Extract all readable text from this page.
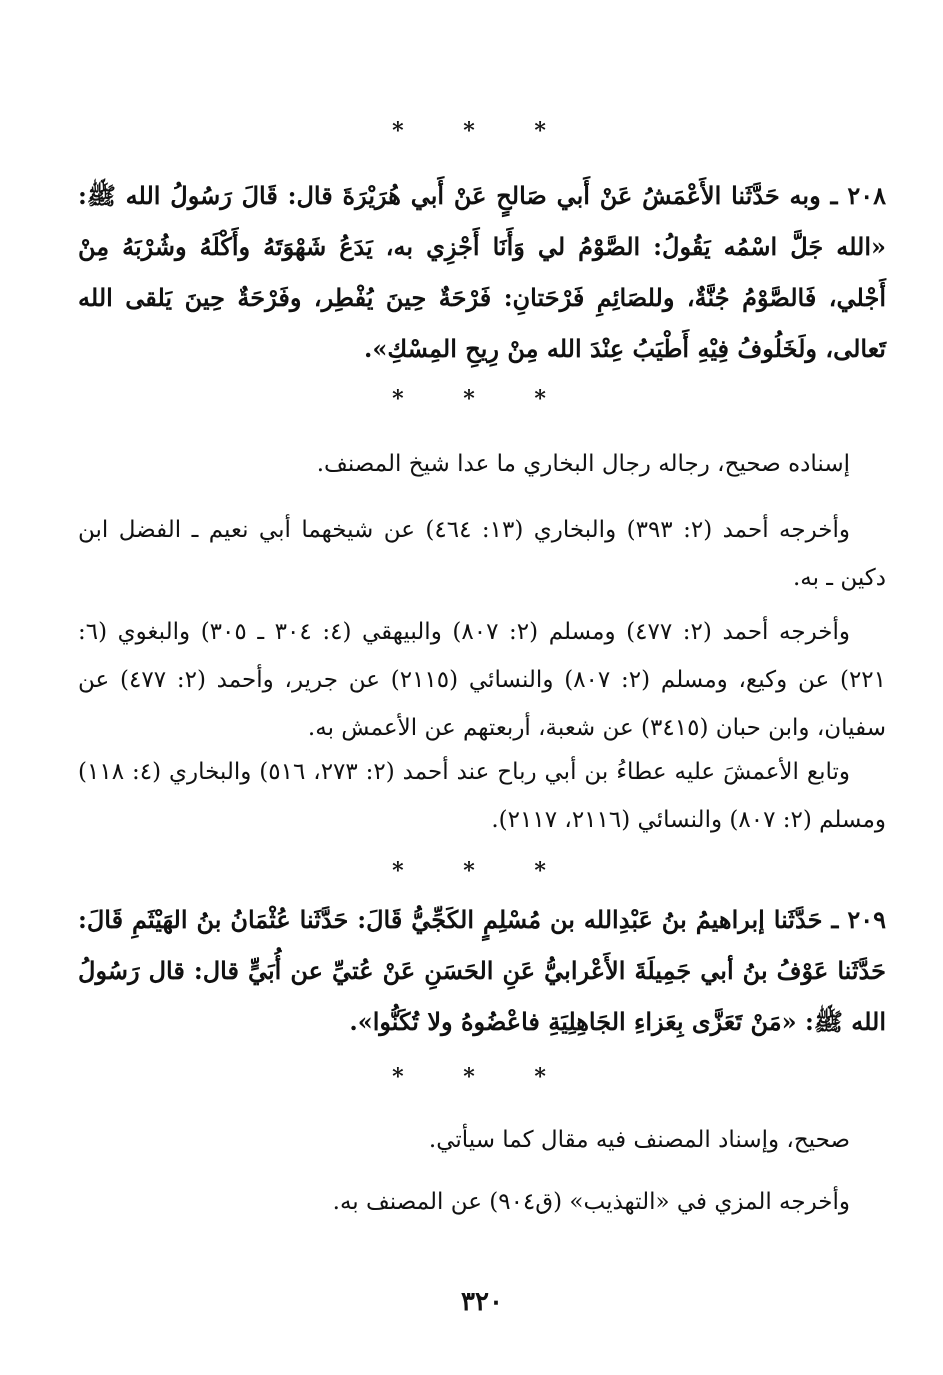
* * *

٢٠٨ ـ وبه حَدَّثَنا الأَعْمَشُ عَنْ أَبي صَالحٍ عَنْ أَبي هُرَيْرَةَ قال: قَالَ رَسُولُ الله ﷺ: «الله جَلَّ اسْمُه يَقُولُ: الصَّوْمُ لي وَأَنَا أَجْزِي به، يَدَعُ شَهْوَتَهُ وأَكْلَهُ وشُرْبَهُ مِنْ أَجْلي، فَالصَّوْمُ جُنَّةٌ، وللصَائِمِ فَرْحَتانِ: فَرْحَةٌ حِينَ يُفْطِر، وفَرْحَةٌ حِينَ يَلقى الله تَعالى، ولَخَلُوفُ فِيْهِ أَطْيَبُ عِنْدَ الله مِنْ رِيحِ المِسْكِ».

* * *

إسناده صحيح، رجاله رجال البخاري ما عدا شيخ المصنف.

وأخرجه أحمد (٢: ٣٩٣) والبخاري (١٣: ٤٦٤) عن شيخهما أبي نعيم ـ الفضل ابن دكين ـ به.

وأخرجه أحمد (٢: ٤٧٧) ومسلم (٢: ٨٠٧) والبيهقي (٤: ٣٠٤ ـ ٣٠٥) والبغوي (٦: ٢٢١) عن وكيع، ومسلم (٢: ٨٠٧) والنسائي (٢١١٥) عن جرير، وأحمد (٢: ٤٧٧) عن سفيان، وابن حبان (٣٤١٥) عن شعبة، أربعتهم عن الأعمش به.

وتابع الأعمشَ عليه عطاءُ بن أبي رباح عند أحمد (٢: ٢٧٣، ٥١٦) والبخاري (٤: ١١٨) ومسلم (٢: ٨٠٧) والنسائي (٢١١٦، ٢١١٧).

* * *

٢٠٩ ـ حَدَّثَنا إبراهيمُ بنُ عَبْدِالله بن مُسْلِمٍ الكَجِّيُّ قَالَ: حَدَّثَنا عُثْمَانُ بنُ الهَيْثَمِ قَالَ: حَدَّثَنا عَوْفُ بنُ أبي جَمِيلَةَ الأَعْرابيُّ عَنِ الحَسَنِ عَنْ عُتيِّ عن أُبَيٍّ قال: قال رَسُولُ الله ﷺ: «مَنْ تَعَزَّى بِعَزاءِ الجَاهِلِيَةِ فاعْضُوهُ ولا تُكَنُّوا».

* * *

صحيح، وإسناد المصنف فيه مقال كما سيأتي.

وأخرجه المزي في «التهذيب» (ق٩٠٤) عن المصنف به.

٣٢٠
